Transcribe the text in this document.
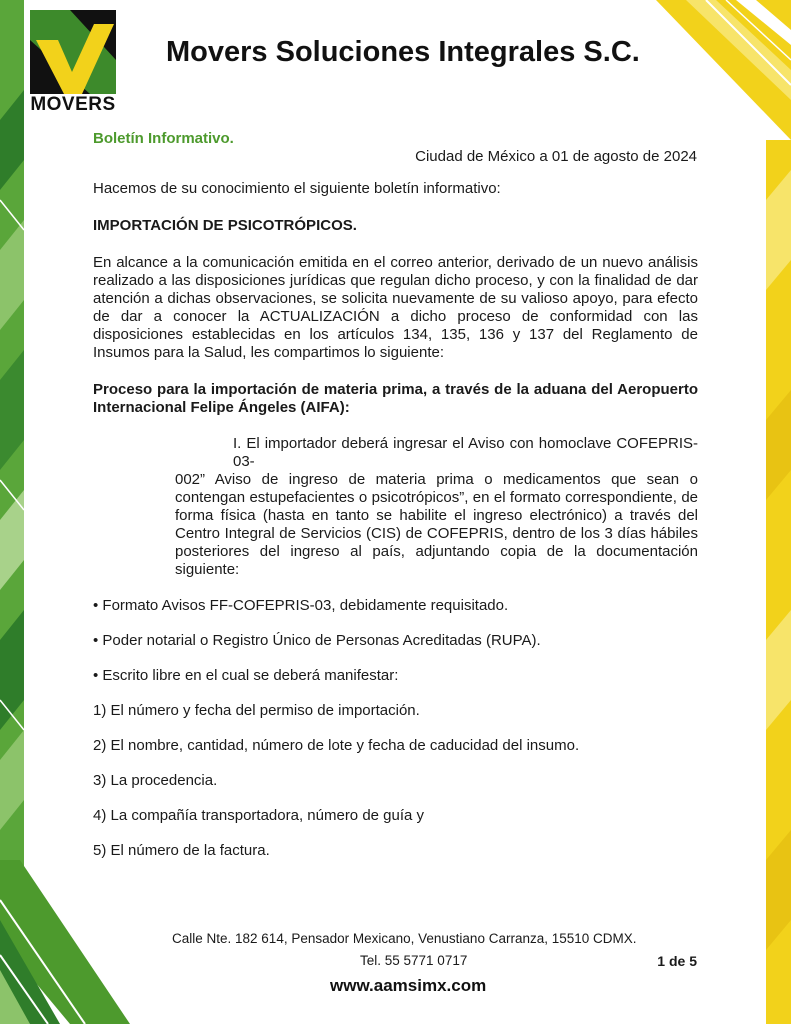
MOVERS
Movers Soluciones Integrales S.C.

Boletín Informativo.

Ciudad de México a 01 de agosto de 2024

Hacemos de su conocimiento el siguiente boletín informativo:

IMPORTACIÓN DE PSICOTRÓPICOS.

En alcance a la comunicación emitida en el correo anterior, derivado de un nuevo análisis realizado a las disposiciones jurídicas que regulan dicho proceso, y con la finalidad de dar atención a dichas observaciones, se solicita nuevamente de su valioso apoyo, para efecto de dar a conocer la ACTUALIZACIÓN a dicho proceso de conformidad con las disposiciones establecidas en los artículos 134, 135, 136 y 137 del Reglamento de Insumos para la Salud, les compartimos lo siguiente:

Proceso para la importación de materia prima, a través de la aduana del Aeropuerto Internacional Felipe Ángeles (AIFA):

I. El importador deberá ingresar el Aviso con homoclave COFEPRIS-03-

002” Aviso de ingreso de materia prima o medicamentos que sean o contengan estupefacientes o psicotrópicos”, en el formato correspondiente, de forma física (hasta en tanto se habilite el ingreso electrónico) a través del Centro Integral de Servicios (CIS) de COFEPRIS, dentro de los 3 días hábiles posteriores del ingreso al país, adjuntando copia de la documentación siguiente:

• Formato Avisos FF-COFEPRIS-03, debidamente requisitado.

• Poder notarial o Registro Único de Personas Acreditadas (RUPA).

• Escrito libre en el cual se deberá manifestar:

1) El número y fecha del permiso de importación.

2) El nombre, cantidad, número de lote y fecha de caducidad del insumo.

3) La procedencia.

4) La compañía transportadora, número de guía y

5) El número de la factura.

Calle Nte. 182 614, Pensador Mexicano, Venustiano Carranza, 15510 CDMX.

Tel. 55 5771 0717	1 de 5

www.aamsimx.com
